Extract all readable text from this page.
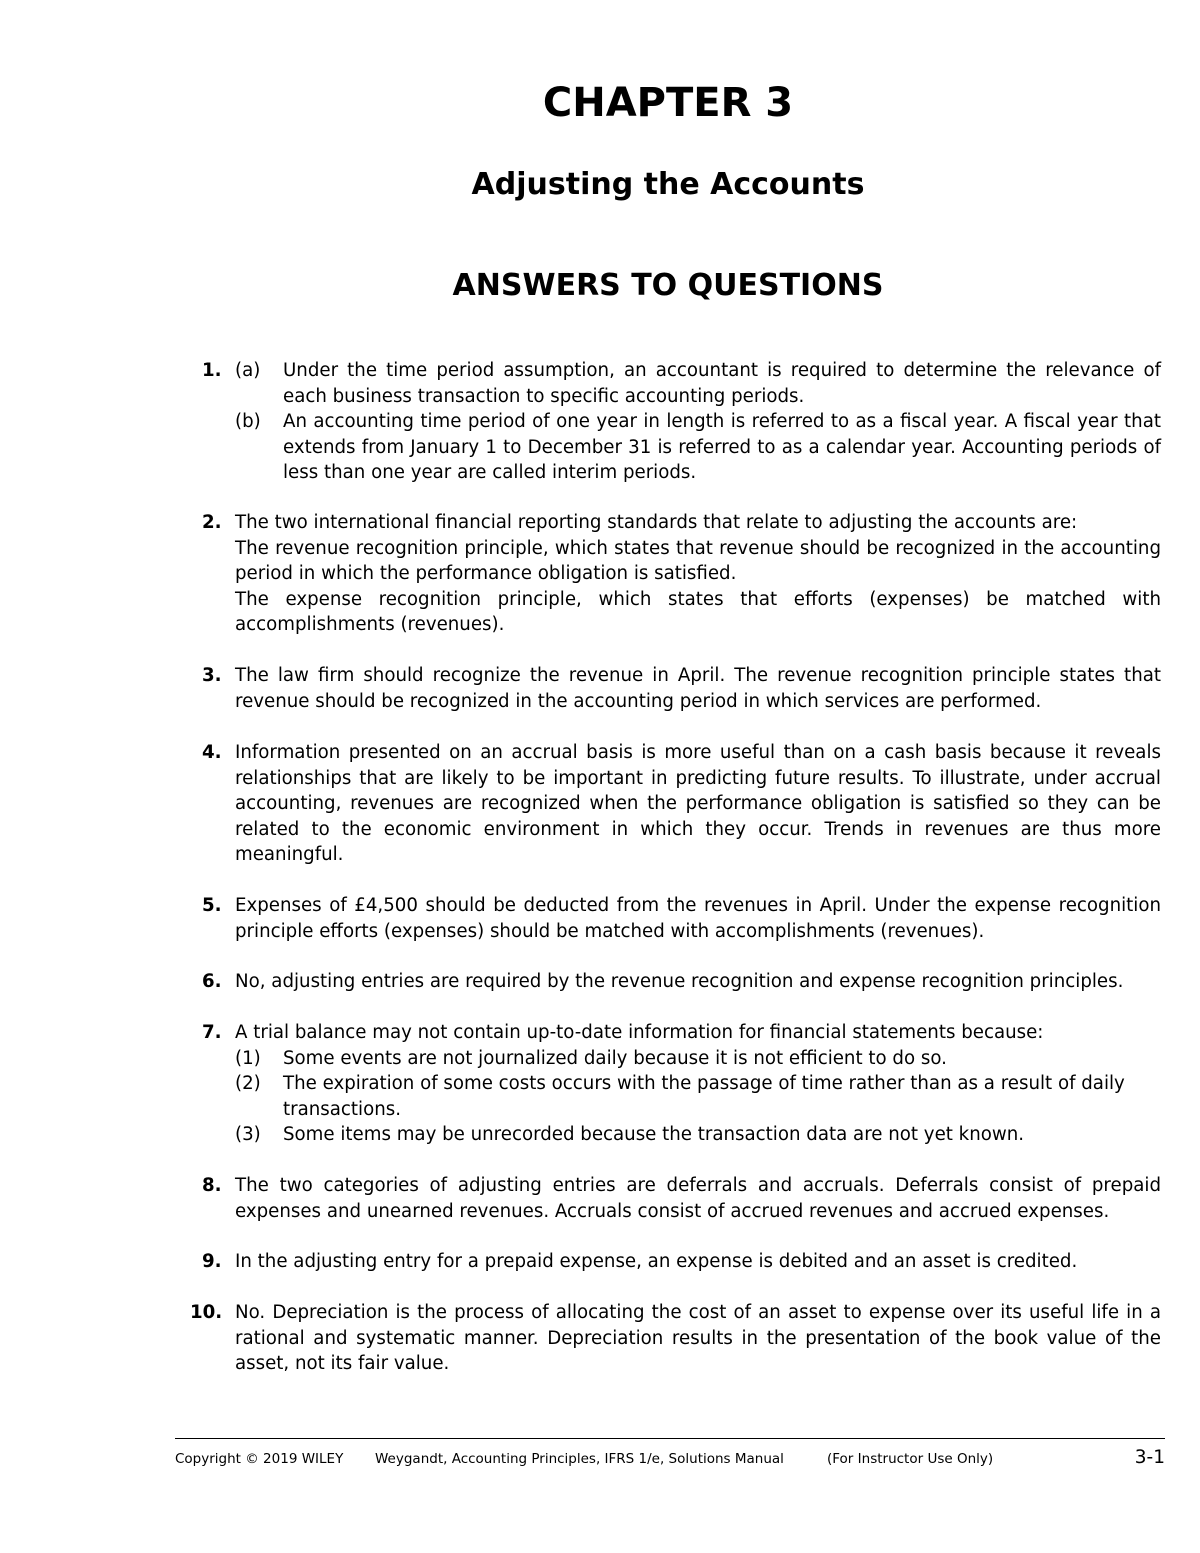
CHAPTER 3
Adjusting the Accounts
ANSWERS TO QUESTIONS
1. (a)	Under the time period assumption, an accountant is required to determine the relevance of each business transaction to specific accounting periods.
(b)	An accounting time period of one year in length is referred to as a fiscal year. A fiscal year that extends from January 1 to December 31 is referred to as a calendar year. Accounting periods of less than one year are called interim periods.
2. The two international financial reporting standards that relate to adjusting the accounts are:
The revenue recognition principle, which states that revenue should be recognized in the accounting period in which the performance obligation is satisfied.
The expense recognition principle, which states that efforts (expenses) be matched with accomplishments (revenues).
3. The law firm should recognize the revenue in April. The revenue recognition principle states that revenue should be recognized in the accounting period in which services are performed.
4. Information presented on an accrual basis is more useful than on a cash basis because it reveals relationships that are likely to be important in predicting future results. To illustrate, under accrual accounting, revenues are recognized when the performance obligation is satisfied so they can be related to the economic environment in which they occur. Trends in revenues are thus more meaningful.
5. Expenses of £4,500 should be deducted from the revenues in April. Under the expense recognition principle efforts (expenses) should be matched with accomplishments (revenues).
6. No, adjusting entries are required by the revenue recognition and expense recognition principles.
7. A trial balance may not contain up-to-date information for financial statements because:
(1)	Some events are not journalized daily because it is not efficient to do so.
(2)	The expiration of some costs occurs with the passage of time rather than as a result of daily transactions.
(3)	Some items may be unrecorded because the transaction data are not yet known.
8. The two categories of adjusting entries are deferrals and accruals. Deferrals consist of prepaid expenses and unearned revenues. Accruals consist of accrued revenues and accrued expenses.
9. In the adjusting entry for a prepaid expense, an expense is debited and an asset is credited.
10. No. Depreciation is the process of allocating the cost of an asset to expense over its useful life in a rational and systematic manner. Depreciation results in the presentation of the book value of the asset, not its fair value.
Copyright © 2019 WILEY	Weygandt, Accounting Principles, IFRS 1/e, Solutions Manual	(For Instructor Use Only)	3-1
